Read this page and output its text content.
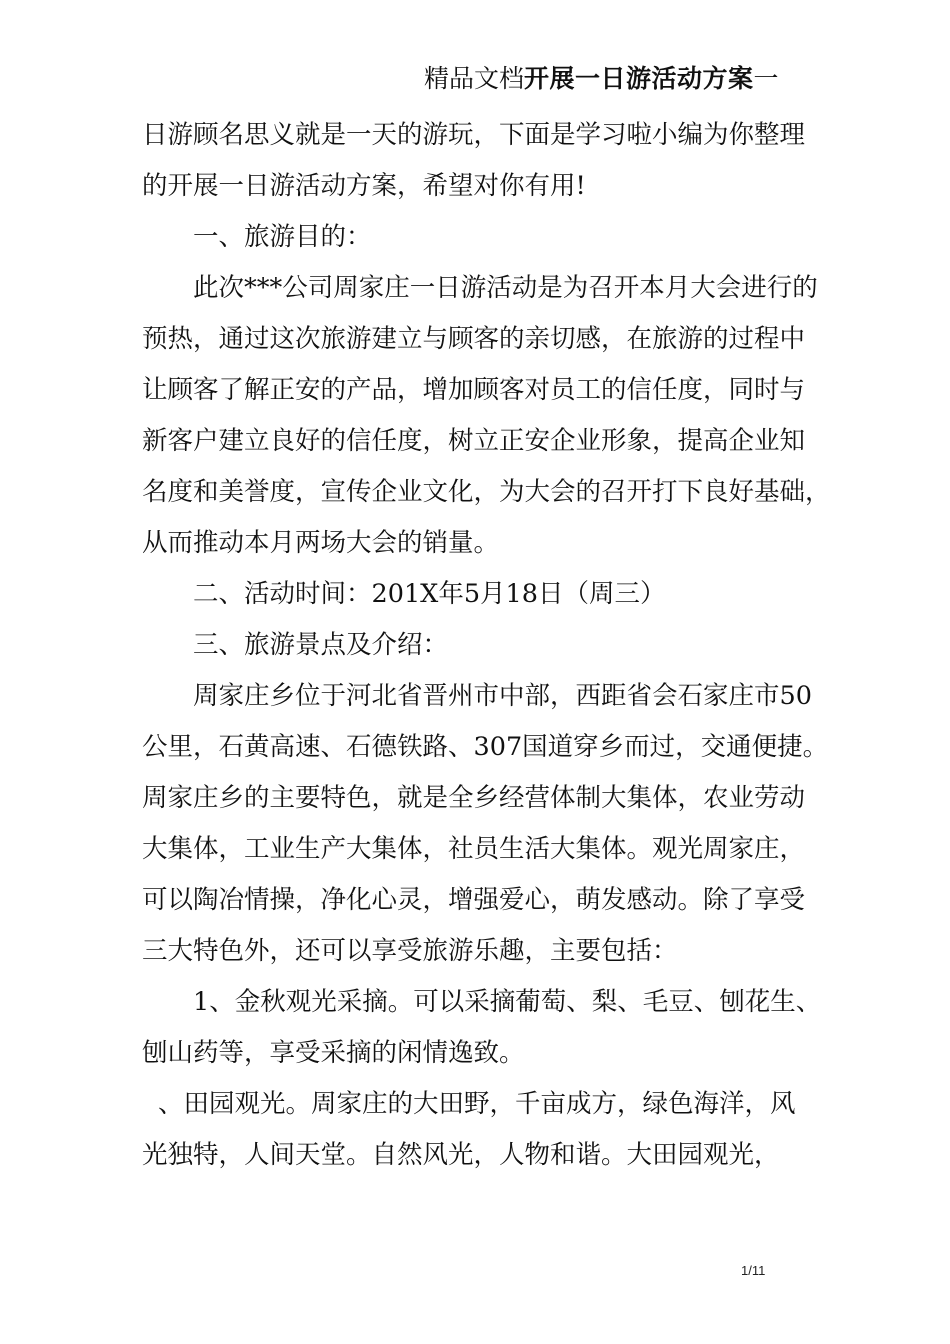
精品文档开展一日游活动方案一
日游顾名思义就是一天的游玩，下面是学习啦小编为你整理
的开展一日游活动方案，希望对你有用!
一、旅游目的：
此次***公司周家庄一日游活动是为召开本月大会进行的
预热，通过这次旅游建立与顾客的亲切感，在旅游的过程中
让顾客了解正安的产品，增加顾客对员工的信任度，同时与
新客户建立良好的信任度，树立正安企业形象，提高企业知
名度和美誉度，宣传企业文化，为大会的召开打下良好基础，
从而推动本月两场大会的销量。
二、活动时间：201X年5月18日（周三）
三、旅游景点及介绍：
周家庄乡位于河北省晋州市中部，西距省会石家庄市50
公里，石黄高速、石德铁路、307国道穿乡而过，交通便捷。
周家庄乡的主要特色，就是全乡经营体制大集体，农业劳动
大集体，工业生产大集体，社员生活大集体。观光周家庄，
可以陶冶情操，净化心灵，增强爱心，萌发感动。除了享受
三大特色外，还可以享受旅游乐趣，主要包括：
1、金秋观光采摘。可以采摘葡萄、梨、毛豆、刨花生、
刨山药等，享受采摘的闲情逸致。
、田园观光。周家庄的大田野，千亩成方，绿色海洋，风
光独特，人间天堂。自然风光，人物和谐。大田园观光，
1/11
